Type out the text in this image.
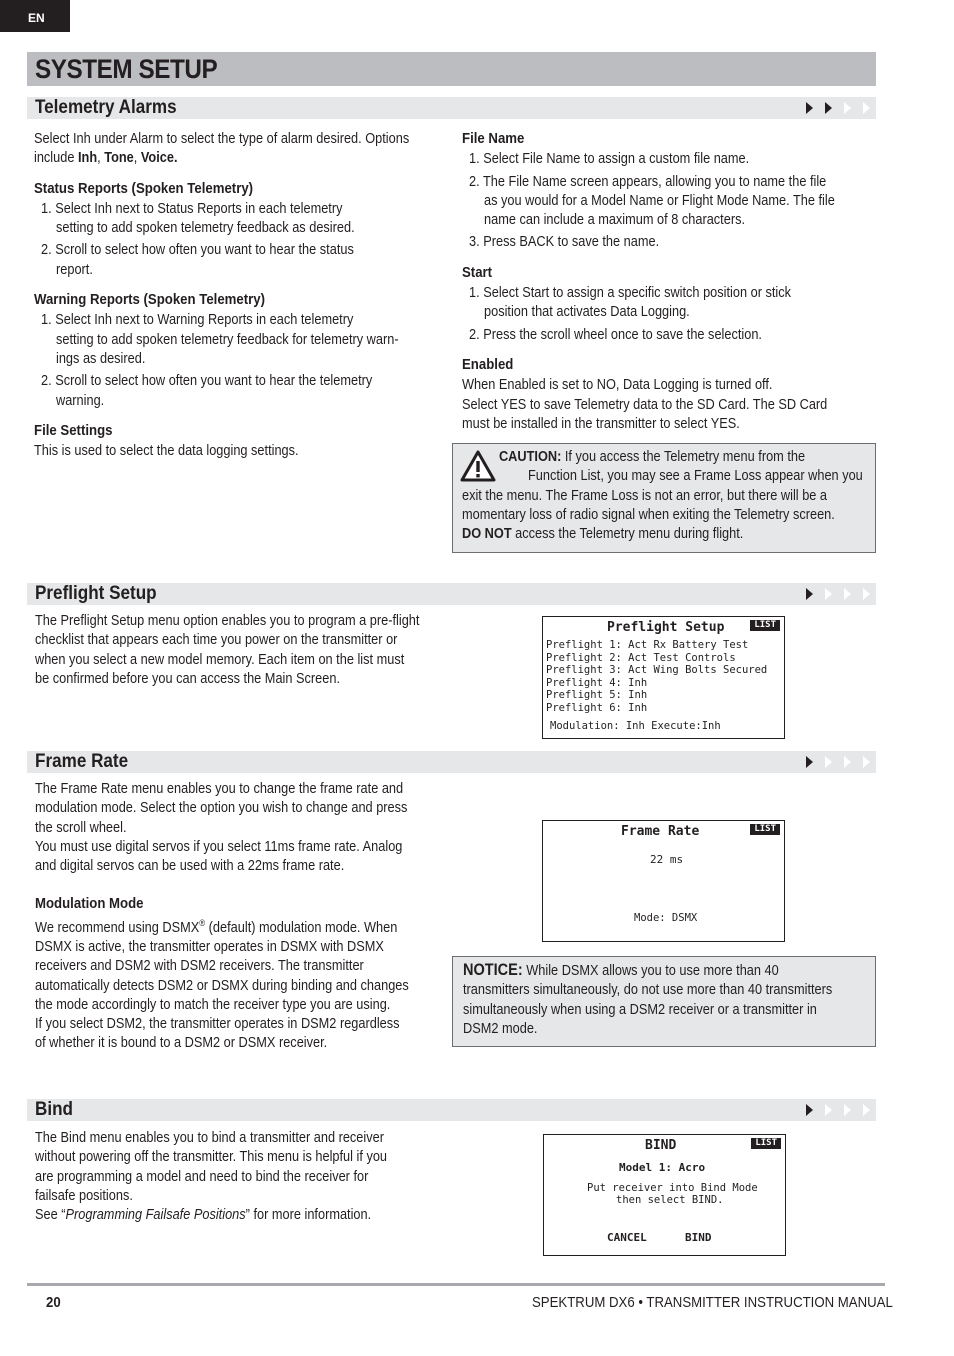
EN
SYSTEM SETUP
Telemetry Alarms
Select Inh under Alarm to select the type of alarm desired. Options
include Inh, Tone, Voice.
Status Reports (Spoken Telemetry)
1. Select Inh next to Status Reports in each telemetry
setting to add spoken telemetry feedback as desired.
2. Scroll to select how often you want to hear the status
report.
Warning Reports (Spoken Telemetry)
1. Select Inh next to Warning Reports in each telemetry
setting to add spoken telemetry feedback for telemetry warn-
ings as desired.
2. Scroll to select how often you want to hear the telemetry
warning.
File Settings
This is used to select the data logging settings.
File Name
1. Select File Name to assign a custom file name.
2. The File Name screen appears, allowing you to name the file
as you would for a Model Name or Flight Mode Name. The file
name can include a maximum of 8 characters.
3. Press BACK to save the name.
Start
1. Select Start to assign a specific switch position or stick
position that activates Data Logging.
2. Press the scroll wheel once to save the selection.
Enabled
When Enabled is set to NO, Data Logging is turned off.
Select YES to save Telemetry data to the SD Card. The SD Card
must be installed in the transmitter to select YES.
CAUTION: If you access the Telemetry menu from the
Function List, you may see a Frame Loss appear when you
exit the menu. The Frame Loss is not an error, but there will be a
momentary loss of radio signal when exiting the Telemetry screen.
DO NOT access the Telemetry menu during flight.
Preflight Setup
The Preflight Setup menu option enables you to program a pre-flight
checklist that appears each time you power on the transmitter or
when you select a new model memory. Each item on the list must
be confirmed before you can access the Main Screen.
LIST
Preflight Setup
Preflight 1: Act Rx Battery Test
Preflight 2: Act Test Controls
Preflight 3: Act Wing Bolts Secured
Preflight 4: Inh
Preflight 5: Inh
Preflight 6: Inh
Modulation: Inh Execute:Inh
Frame Rate
The Frame Rate menu enables you to change the frame rate and
modulation mode. Select the option you wish to change and press
the scroll wheel.
You must use digital servos if you select 11ms frame rate. Analog
and digital servos can be used with a 22ms frame rate.
Modulation Mode
We recommend using DSMX® (default) modulation mode. When
DSMX is active, the transmitter operates in DSMX with DSMX
receivers and DSM2 with DSM2 receivers. The transmitter
automatically detects DSM2 or DSMX during binding and changes
the mode accordingly to match the receiver type you are using.
If you select DSM2, the transmitter operates in DSM2 regardless
of whether it is bound to a DSM2 or DSMX receiver.
LIST
Frame Rate
22 ms
Mode: DSMX
NOTICE: While DSMX allows you to use more than 40
transmitters simultaneously, do not use more than 40 transmitters
simultaneously when using a DSM2 receiver or a transmitter in
DSM2 mode.
Bind
The Bind menu enables you to bind a transmitter and receiver
without powering off the transmitter. This menu is helpful if you
are programming a model and need to bind the receiver for
failsafe positions.
See “Programming Failsafe Positions” for more information.
LIST
BIND
Model 1: Acro
Put receiver into Bind Mode
then select BIND.
CANCEL	BIND
20	SPEKTRUM DX6 • TRANSMITTER INSTRUCTION MANUAL
